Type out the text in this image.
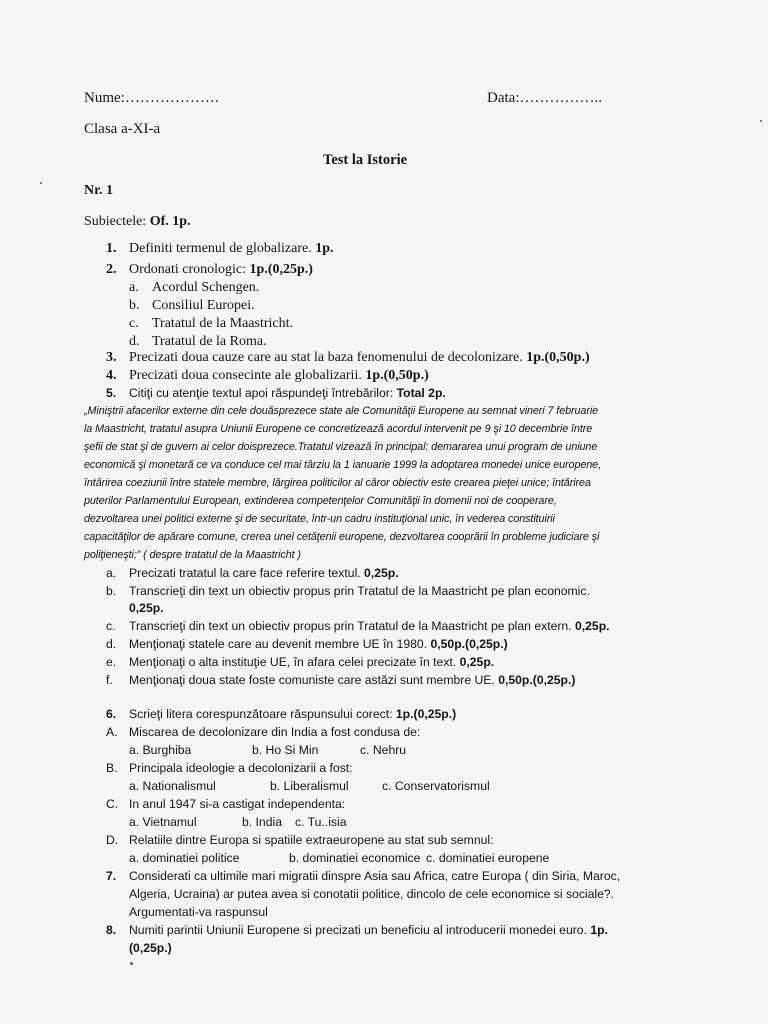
Nume:……………….	Data:……………..
Clasa a-XI-a
Test la Istorie
Nr. 1
Subiectele: Of. 1p.
1. Definiti termenul de globalizare. 1p.
2. Ordonati cronologic: 1p.(0,25p.)
a. Acordul Schengen.
b. Consiliul Europei.
c. Tratatul de la Maastricht.
d. Tratatul de la Roma.
3. Precizati doua cauze care au stat la baza fenomenului de decolonizare. 1p.(0,50p.)
4. Precizati doua consecinte ale globalizarii. 1p.(0,50p.)
5. Citiţi cu atenţie textul apoi răspundeţi întrebărilor: Total 2p.
„Miniştrii afacerilor externe din cele douăsprezece state ale Comunităţii Europene au semnat vineri 7 februarie
la Maastricht, tratatul asupra Uniunii Europene ce concretizează acordul intervenit pe 9 şi 10 decembrie între
şefii de stat şi de guvern ai celor doisprezece.Tratatul vizează în principal: demararea unui program de uniune
economică şi monetară ce va conduce cel mai târziu la 1 ianuarie 1999 la adoptarea monedei unice europene,
întărirea coeziunii între statele membre, lărgirea politicilor al căror obiectiv este crearea pieţei unice; întărirea
puterilor Parlamentului European, extinderea competenţelor Comunităţii în domenii noi de cooperare,
dezvoltarea unei politici externe şi de securitate, într-un cadru instituţional unic, în vederea constituirii
capacităţilor de apărare comune, crerea unei cetăţenii europene, dezvoltarea cooprării în probleme judiciare şi
poliţieneşti;” ( despre tratatul de la Maastricht )
a. Precizati tratatul la care face referire textul. 0,25p.
b. Transcrieţi din text un obiectiv propus prin Tratatul de la Maastricht pe plan economic.
0,25p.
c. Transcrieţi din text un obiectiv propus prin Tratatul de la Maastricht pe plan extern. 0,25p.
d. Menţionaţi statele care au devenit membre UE în 1980. 0,50p.(0,25p.)
e. Menţionaţi o alta instituţie UE, în afara celei precizate în text. 0,25p.
f. Menţionaţi doua state foste comuniste care astăzi sunt membre UE. 0,50p.(0,25p.)
6. Scrieţi litera corespunzătoare răspunsului corect: 1p.(0,25p.)
A. Miscarea de decolonizare din India a fost condusa de:
a. Burghiba	b. Ho Si Min	c. Nehru
B. Principala ideologie a decolonizarii a fost:
a. Nationalismul	b. Liberalismul	c. Conservatorismul
C. In anul 1947 si-a castigat independenta:
a. Vietnamul	b. India c. Tu..isia
D. Relatiile dintre Europa si spatiile extraeuropene au stat sub semnul:
a. dominatiei politice	b. dominatiei economice c. dominatiei europene
7. Considerati ca ultimile mari migratii dinspre Asia sau Africa, catre Europa ( din Siria, Maroc,
Algeria, Ucraina) ar putea avea si conotatii politice, dincolo de cele economice si sociale?.
Argumentati-va raspunsul
8. Numiti parintii Uniunii Europene si precizati un beneficiu al introducerii monedei euro. 1p.
(0,25p.)
